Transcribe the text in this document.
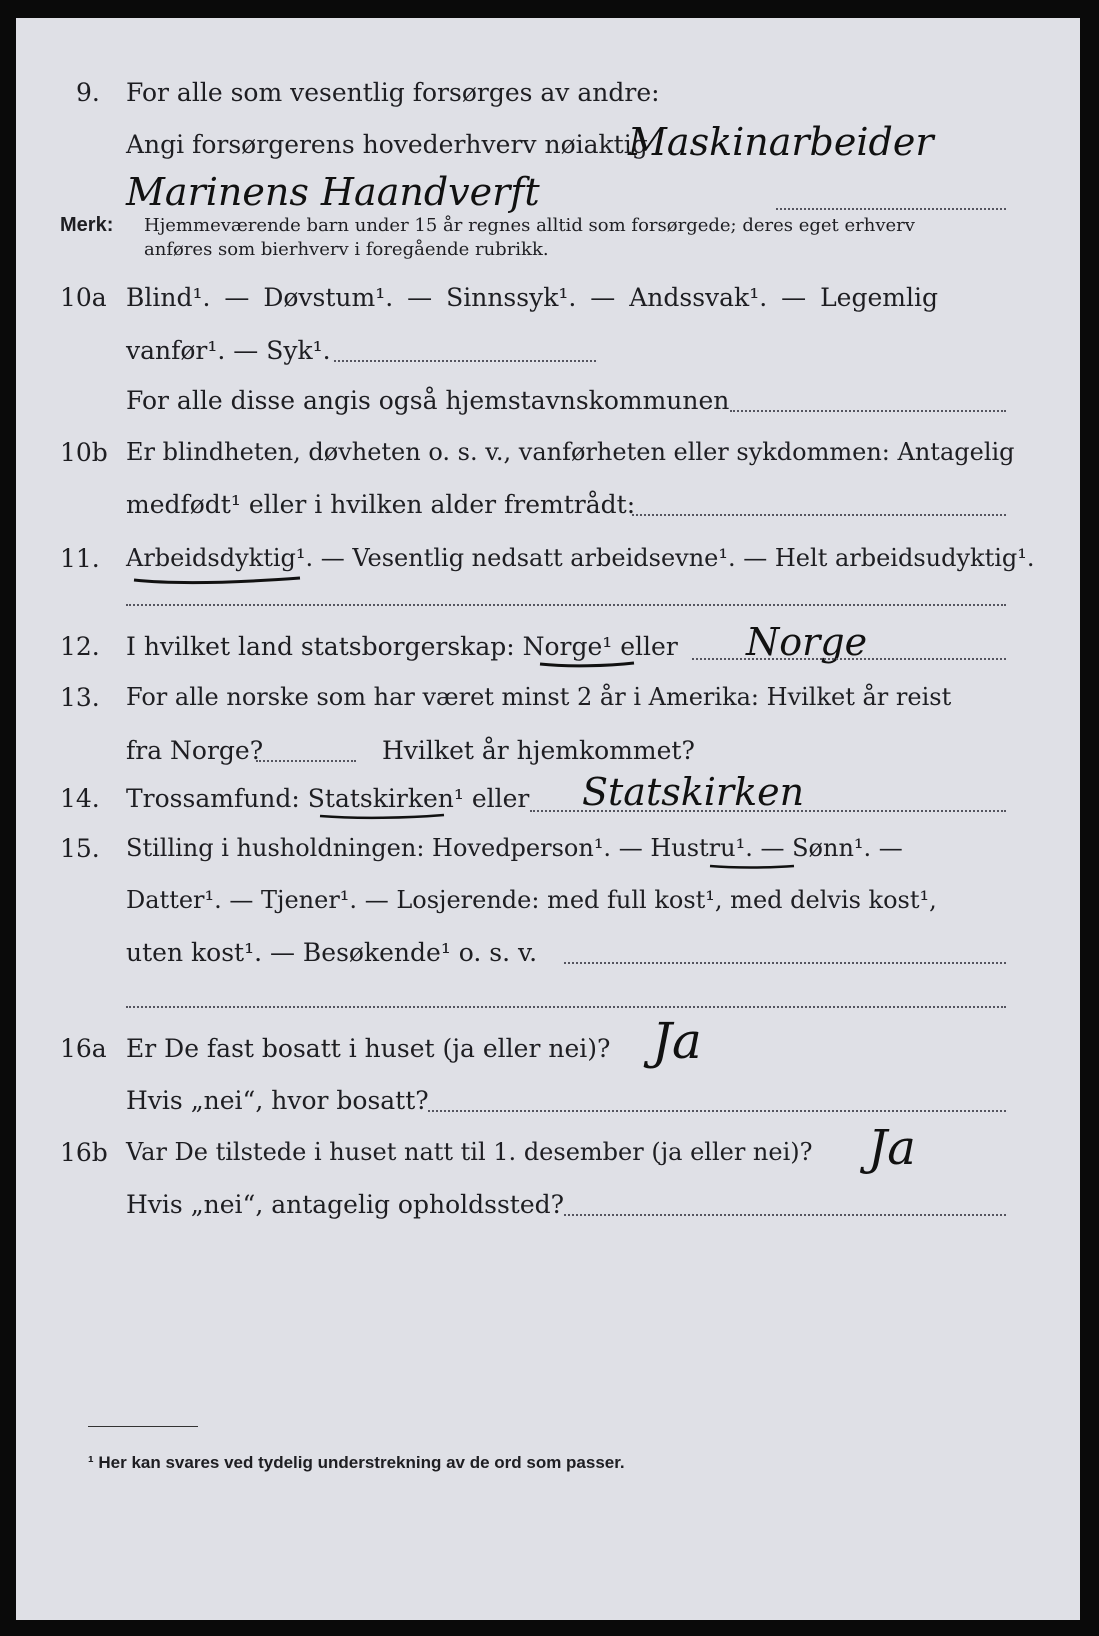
9. For alle som vesentlig forsørges av andre:
Angi forsørgerens hovederhverv nøiaktig
Maskinarbeider
Marinens Haandverft
Merk: Hjemmeværende barn under 15 år regnes alltid som forsørgede; deres eget erhverv
anføres som bierhverv i foregående rubrikk.
10a Blind¹. — Døvstum¹. — Sinnssyk¹. — Andssvak¹. — Legemlig
vanfør¹. — Syk¹.
For alle disse angis også hjemstavnskommunen
10b Er blindheten, døvheten o. s. v., vanførheten eller sykdommen: Antagelig
medfødt¹ eller i hvilken alder fremtrådt:
11. Arbeidsdyktig¹. — Vesentlig nedsatt arbeidsevne¹. — Helt arbeidsudyktig¹.
12. I hvilket land statsborgerskap: Norge¹ eller Norge
13. For alle norske som har været minst 2 år i Amerika: Hvilket år reist
fra Norge?	Hvilket år hjemkommet?
14. Trossamfund: Statskirken¹ eller Statskirken
15. Stilling i husholdningen: Hovedperson¹. — Hustru¹. — Sønn¹. —
Datter¹. — Tjener¹. — Losjerende: med full kost¹, med delvis kost¹,
uten kost¹. — Besøkende¹ o. s. v.
16a Er De fast bosatt i huset (ja eller nei)? Ja
Hvis „nei“, hvor bosatt?
16b Var De tilstede i huset natt til 1. desember (ja eller nei)? Ja
Hvis „nei“, antagelig opholdssted?
¹ Her kan svares ved tydelig understrekning av de ord som passer.
